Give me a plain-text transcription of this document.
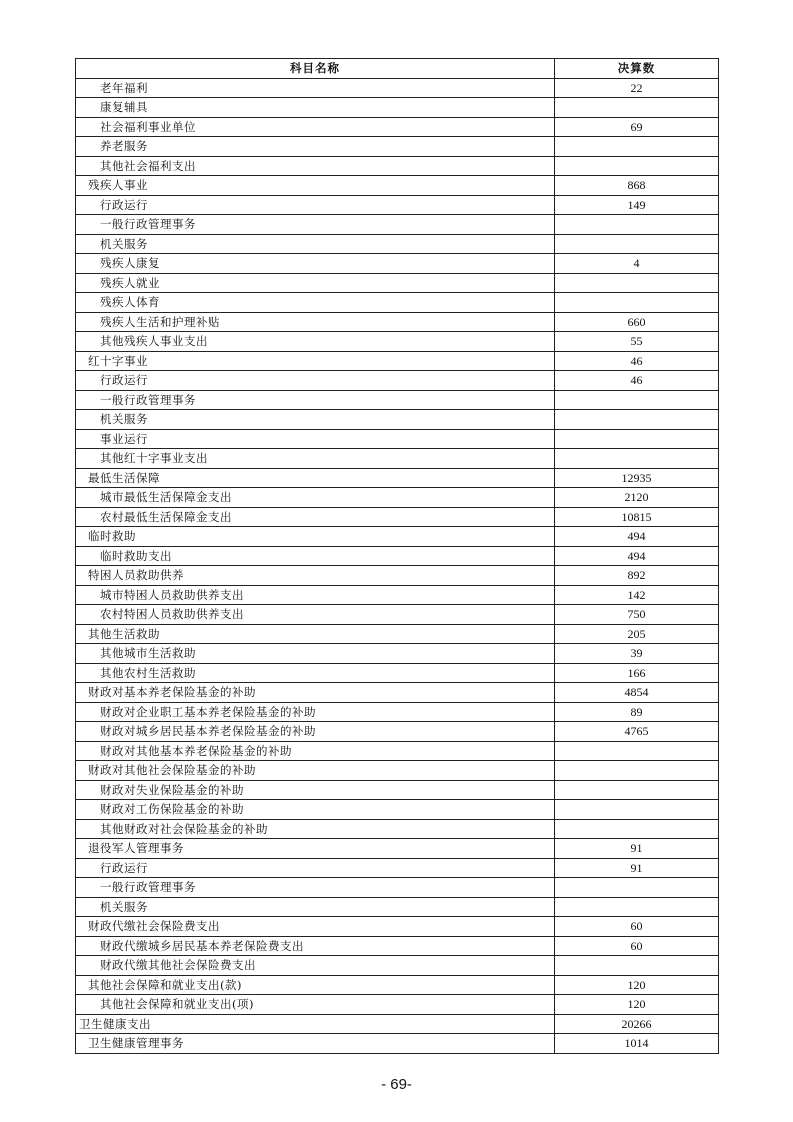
科目名称	决算数
老年福利	22
康复辅具	
社会福利事业单位	69
养老服务	
其他社会福利支出	
残疾人事业	868
行政运行	149
一般行政管理事务	
机关服务	
残疾人康复	4
残疾人就业	
残疾人体育	
残疾人生活和护理补贴	660
其他残疾人事业支出	55
红十字事业	46
行政运行	46
一般行政管理事务	
机关服务	
事业运行	
其他红十字事业支出	
最低生活保障	12935
城市最低生活保障金支出	2120
农村最低生活保障金支出	10815
临时救助	494
临时救助支出	494
特困人员救助供养	892
城市特困人员救助供养支出	142
农村特困人员救助供养支出	750
其他生活救助	205
其他城市生活救助	39
其他农村生活救助	166
财政对基本养老保险基金的补助	4854
财政对企业职工基本养老保险基金的补助	89
财政对城乡居民基本养老保险基金的补助	4765
财政对其他基本养老保险基金的补助	
财政对其他社会保险基金的补助	
财政对失业保险基金的补助	
财政对工伤保险基金的补助	
其他财政对社会保险基金的补助	
退役军人管理事务	91
行政运行	91
一般行政管理事务	
机关服务	
财政代缴社会保险费支出	60
财政代缴城乡居民基本养老保险费支出	60
财政代缴其他社会保险费支出	
其他社会保障和就业支出(款)	120
其他社会保障和就业支出(项)	120
卫生健康支出	20266
卫生健康管理事务	1014
- 69-
